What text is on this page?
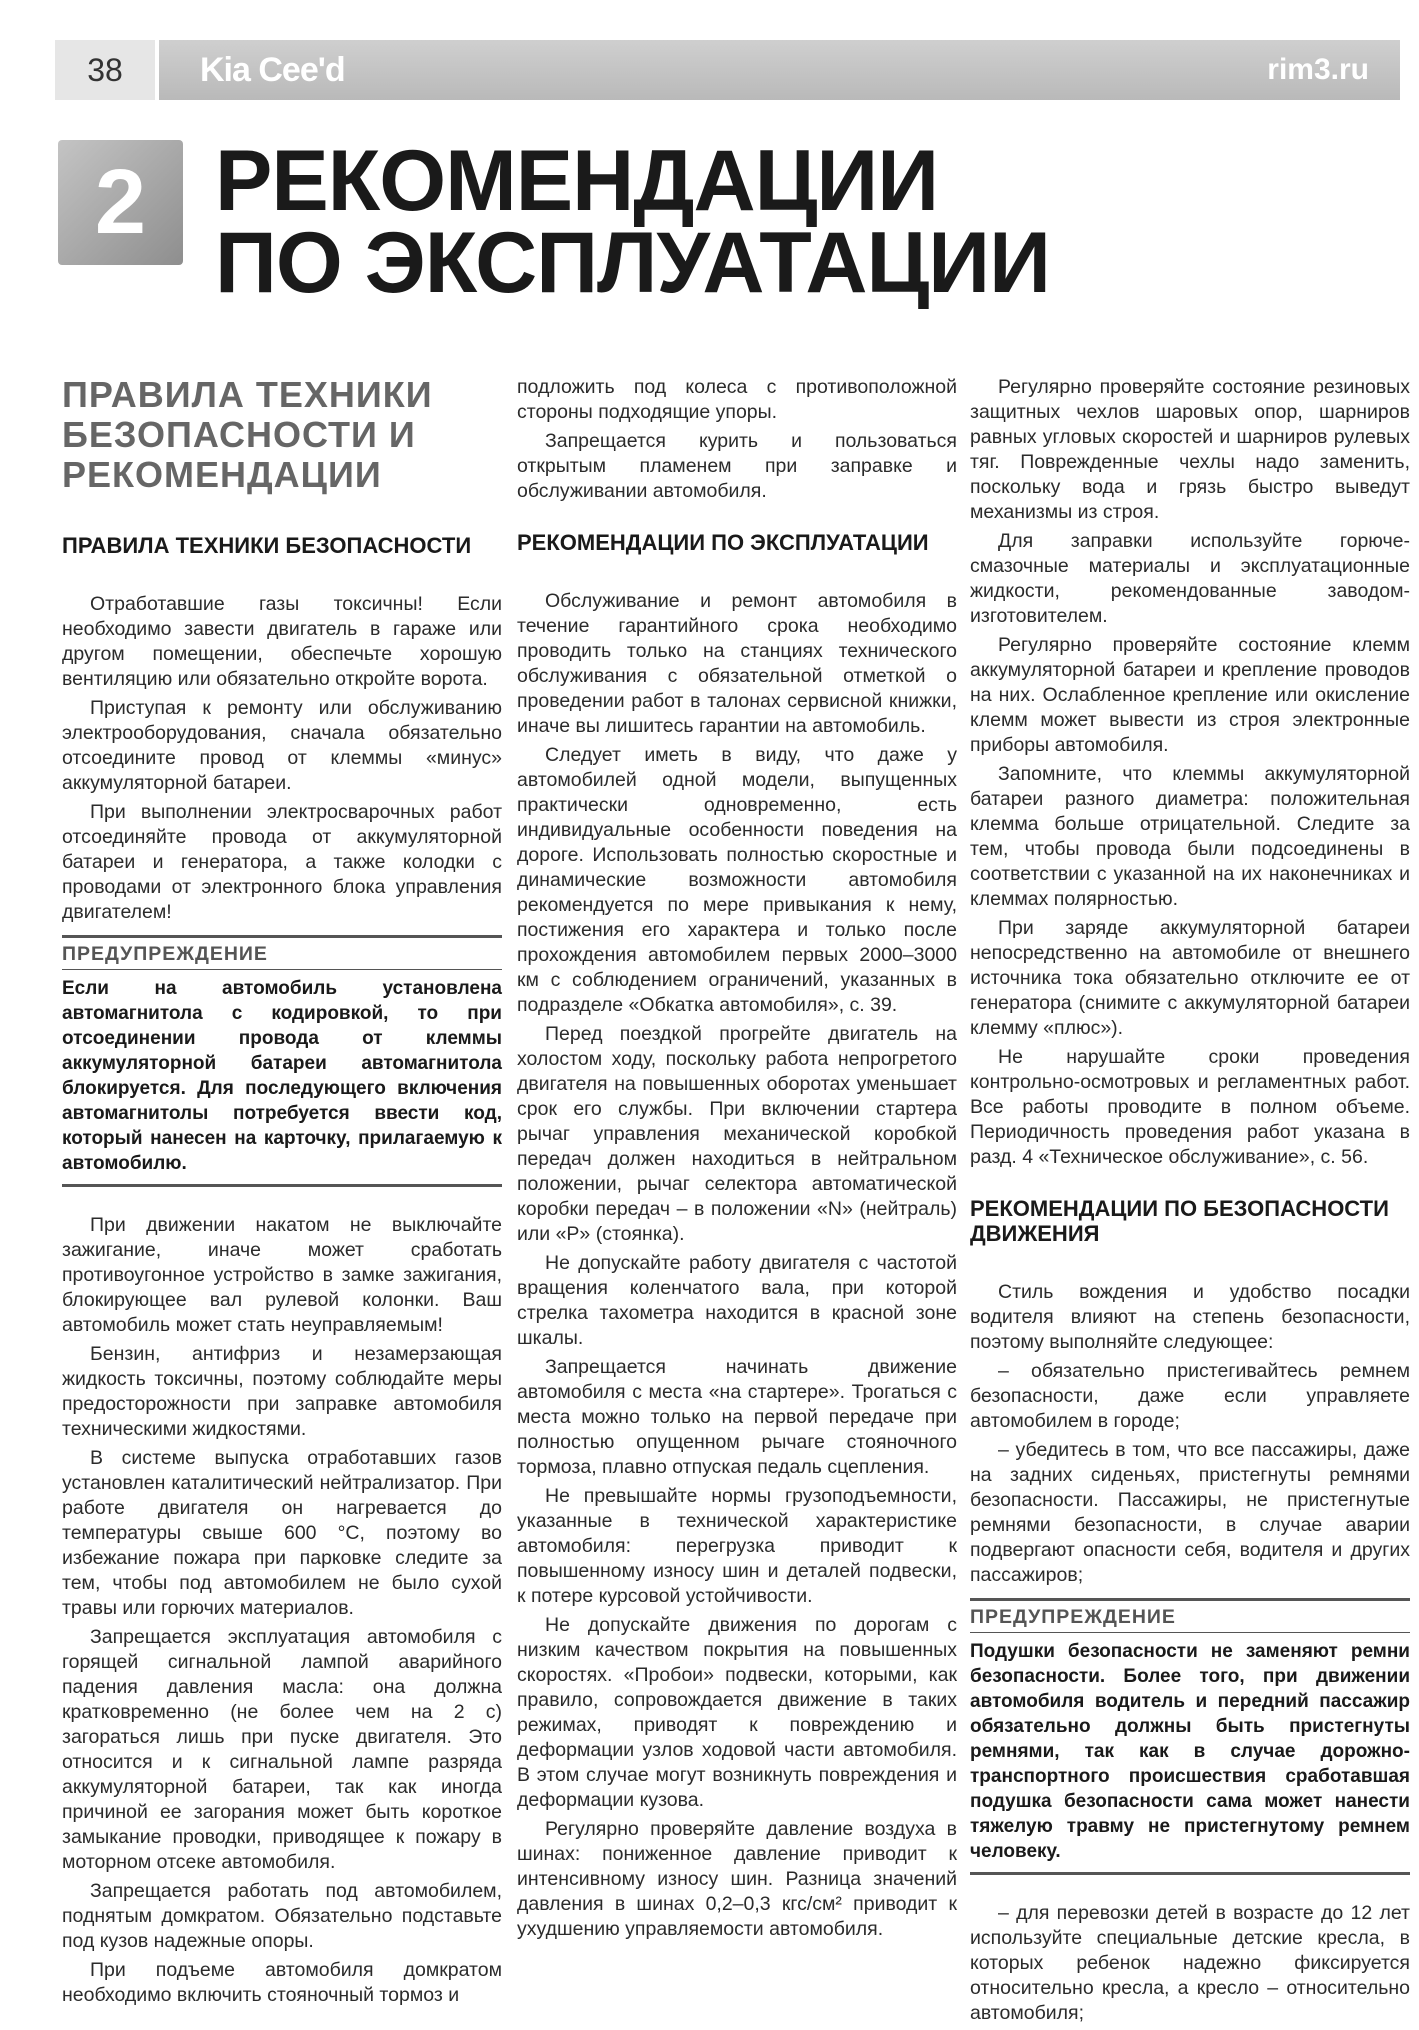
38	Kia Cee'd	rim3.ru
2 РЕКОМЕНДАЦИИ
ПО ЭКСПЛУАТАЦИИ
ПРАВИЛА ТЕХНИКИ БЕЗОПАСНОСТИ И РЕКОМЕНДАЦИИ
ПРАВИЛА ТЕХНИКИ БЕЗОПАСНОСТИ

Отработавшие газы токсичны! Если необходимо завести двигатель в гараже или другом помещении, обеспечьте хорошую вентиляцию или обязательно откройте ворота.

Приступая к ремонту или обслуживанию электрооборудования, сначала обязательно отсоедините провод от клеммы «минус» аккумуляторной батареи.

При выполнении электросварочных работ отсоединяйте провода от аккумуляторной батареи и генератора, а также колодки с проводами от электронного блока управления двигателем!

ПРЕДУПРЕЖДЕНИЕ
Если на автомобиль установлена автомагнитола с кодировкой, то при отсоединении провода от клеммы аккумуляторной батареи автомагнитола блокируется. Для последующего включения автомагнитолы потребуется ввести код, который нанесен на карточку, прилагаемую к автомобилю.

При движении накатом не выключайте зажигание, иначе может сработать противоугонное устройство в замке зажигания, блокирующее вал рулевой колонки. Ваш автомобиль может стать неуправляемым!

Бензин, антифриз и незамерзающая жидкость токсичны, поэтому соблюдайте меры предосторожности при заправке автомобиля техническими жидкостями.

В системе выпуска отработавших газов установлен каталитический нейтрализатор. При работе двигателя он нагревается до температуры свыше 600 °С, поэтому во избежание пожара при парковке следите за тем, чтобы под автомобилем не было сухой травы или горючих материалов.

Запрещается эксплуатация автомобиля с горящей сигнальной лампой аварийного падения давления масла: она должна кратковременно (не более чем на 2 с) загораться лишь при пуске двигателя. Это относится и к сигнальной лампе разряда аккумуляторной батареи, так как иногда причиной ее загорания может быть короткое замыкание проводки, приводящее к пожару в моторном отсеке автомобиля.

Запрещается работать под автомобилем, поднятым домкратом. Обязательно подставьте под кузов надежные опоры.

При подъеме автомобиля домкратом необходимо включить стояночный тормоз и

подложить под колеса с противоположной стороны подходящие упоры.

Запрещается курить и пользоваться открытым пламенем при заправке и обслуживании автомобиля.

РЕКОМЕНДАЦИИ ПО ЭКСПЛУАТАЦИИ

Обслуживание и ремонт автомобиля в течение гарантийного срока необходимо проводить только на станциях технического обслуживания с обязательной отметкой о проведении работ в талонах сервисной книжки, иначе вы лишитесь гарантии на автомобиль.

Следует иметь в виду, что даже у автомобилей одной модели, выпущенных практически одновременно, есть индивидуальные особенности поведения на дороге. Использовать полностью скоростные и динамические возможности автомобиля рекомендуется по мере привыкания к нему, постижения его характера и только после прохождения автомобилем первых 2000–3000 км с соблюдением ограничений, указанных в подразделе «Обкатка автомобиля», с. 39.

Перед поездкой прогрейте двигатель на холостом ходу, поскольку работа непрогретого двигателя на повышенных оборотах уменьшает срок его службы. При включении стартера рычаг управления механической коробкой передач должен находиться в нейтральном положении, рычаг селектора автоматической коробки передач – в положении «N» (нейтраль) или «P» (стоянка).

Не допускайте работу двигателя с частотой вращения коленчатого вала, при которой стрелка тахометра находится в красной зоне шкалы.

Запрещается начинать движение автомобиля с места «на стартере». Трогаться с места можно только на первой передаче при полностью опущенном рычаге стояночного тормоза, плавно отпуская педаль сцепления.

Не превышайте нормы грузоподъемности, указанные в технической характеристике автомобиля: перегрузка приводит к повышенному износу шин и деталей подвески, к потере курсовой устойчивости.

Не допускайте движения по дорогам с низким качеством покрытия на повышенных скоростях. «Пробои» подвески, которыми, как правило, сопровождается движение в таких режимах, приводят к повреждению и деформации узлов ходовой части автомобиля. В этом случае могут возникнуть повреждения и деформации кузова.

Регулярно проверяйте давление воздуха в шинах: пониженное давление приводит к интенсивному износу шин. Разница значений давления в шинах 0,2–0,3 кгс/см² приводит к ухудшению управляемости автомобиля.

Регулярно проверяйте состояние резиновых защитных чехлов шаровых опор, шарниров равных угловых скоростей и шарниров рулевых тяг. Поврежденные чехлы надо заменить, поскольку вода и грязь быстро выведут механизмы из строя.

Для заправки используйте горюче-смазочные материалы и эксплуатационные жидкости, рекомендованные заводом-изготовителем.

Регулярно проверяйте состояние клемм аккумуляторной батареи и крепление проводов на них. Ослабленное крепление или окисление клемм может вывести из строя электронные приборы автомобиля.

Запомните, что клеммы аккумуляторной батареи разного диаметра: положительная клемма больше отрицательной. Следите за тем, чтобы провода были подсоединены в соответствии с указанной на их наконечниках и клеммах полярностью.

При заряде аккумуляторной батареи непосредственно на автомобиле от внешнего источника тока обязательно отключите ее от генератора (снимите с аккумуляторной батареи клемму «плюс»).

Не нарушайте сроки проведения контрольно-осмотровых и регламентных работ. Все работы проводите в полном объеме. Периодичность проведения работ указана в разд. 4 «Техническое обслуживание», с. 56.

РЕКОМЕНДАЦИИ ПО БЕЗОПАСНОСТИ ДВИЖЕНИЯ

Стиль вождения и удобство посадки водителя влияют на степень безопасности, поэтому выполняйте следующее:

– обязательно пристегивайтесь ремнем безопасности, даже если управляете автомобилем в городе;

– убедитесь в том, что все пассажиры, даже на задних сиденьях, пристегнуты ремнями безопасности. Пассажиры, не пристегнутые ремнями безопасности, в случае аварии подвергают опасности себя, водителя и других пассажиров;

ПРЕДУПРЕЖДЕНИЕ
Подушки безопасности не заменяют ремни безопасности. Более того, при движении автомобиля водитель и передний пассажир обязательно должны быть пристегнуты ремнями, так как в случае дорожно-транспортного происшествия сработавшая подушка безопасности сама может нанести тяжелую травму не пристегнутому ремнем человеку.

– для перевозки детей в возрасте до 12 лет используйте специальные детские кресла, в которых ребенок надежно фиксируется относительно кресла, а кресло – относительно автомобиля;
